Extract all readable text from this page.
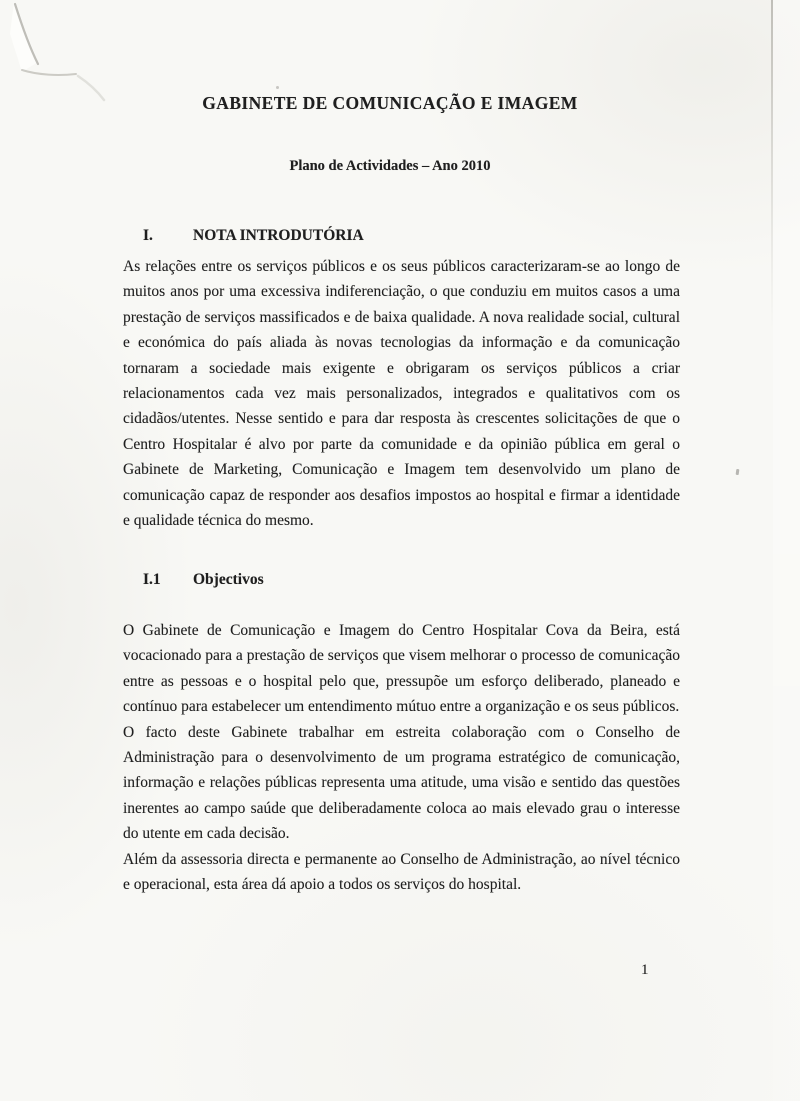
GABINETE DE COMUNICAÇÃO E IMAGEM
Plano de Actividades – Ano 2010
I.	NOTA INTRODUTÓRIA

As relações entre os serviços públicos e os seus públicos caracterizaram-se ao longo de muitos anos por uma excessiva indiferenciação, o que conduziu em muitos casos a uma prestação de serviços massificados e de baixa qualidade. A nova realidade social, cultural e económica do país aliada às novas tecnologias da informação e da comunicação tornaram a sociedade mais exigente e obrigaram os serviços públicos a criar relacionamentos cada vez mais personalizados, integrados e qualitativos com os cidadãos/utentes. Nesse sentido e para dar resposta às crescentes solicitações de que o Centro Hospitalar é alvo por parte da comunidade e da opinião pública em geral o Gabinete de Marketing, Comunicação e Imagem tem desenvolvido um plano de comunicação capaz de responder aos desafios impostos ao hospital e firmar a identidade e qualidade técnica do mesmo.

I.1	Objectivos

O Gabinete de Comunicação e Imagem do Centro Hospitalar Cova da Beira, está vocacionado para a prestação de serviços que visem melhorar o processo de comunicação entre as pessoas e o hospital pelo que, pressupõe um esforço deliberado, planeado e contínuo para estabelecer um entendimento mútuo entre a organização e os seus públicos.

O facto deste Gabinete trabalhar em estreita colaboração com o Conselho de Administração para o desenvolvimento de um programa estratégico de comunicação, informação e relações públicas representa uma atitude, uma visão e sentido das questões inerentes ao campo saúde que deliberadamente coloca ao mais elevado grau o interesse do utente em cada decisão.

Além da assessoria directa e permanente ao Conselho de Administração, ao nível técnico e operacional, esta área dá apoio a todos os serviços do hospital.

1
